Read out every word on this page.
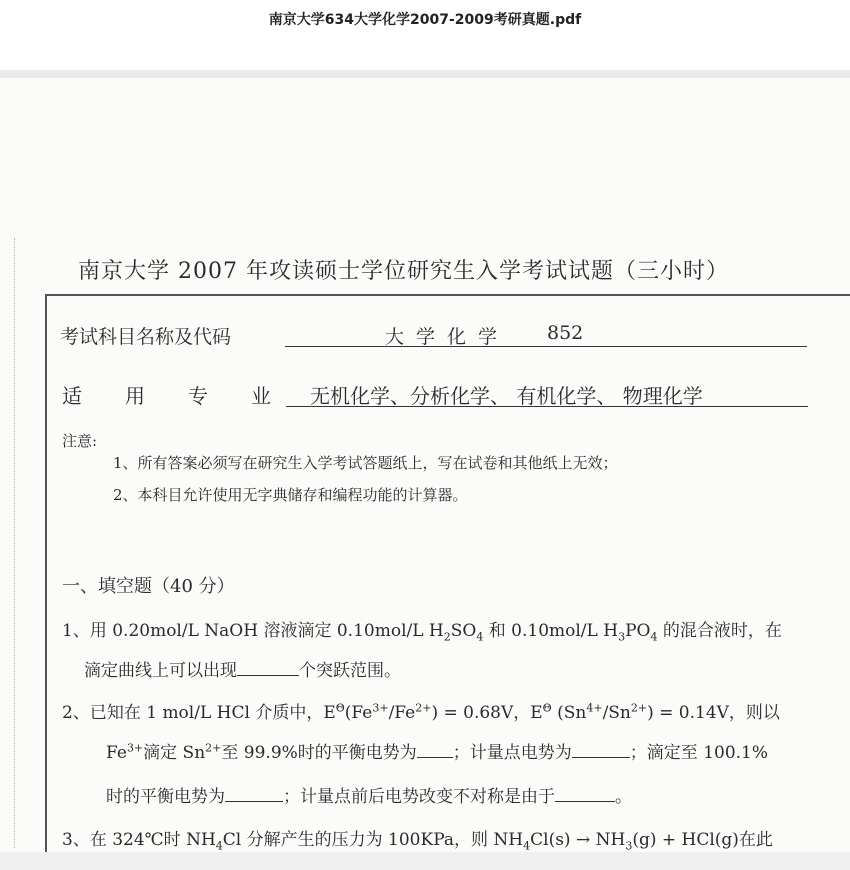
南京大学634大学化学2007-2009考研真题.pdf
南京大学 2007 年攻读硕士学位研究生入学考试试题（三小时）
考试科目名称及代码	大学化学 852
适 用 专 业	无机化学、分析化学、 有机化学、 物理化学
注意:
1、所有答案必须写在研究生入学考试答题纸上，写在试卷和其他纸上无效；
2、本科目允许使用无字典储存和编程功能的计算器。
一、填空题（40 分）
1、用 0.20mol/L NaOH 溶液滴定 0.10mol/L $H_2SO_4$ 和 0.10mol/L $H_3PO_4$ 的混合液时，在
滴定曲线上可以出现	个突跃范围。
2、已知在 1 mol/L HCl 介质中，$E^\Theta(Fe^{3+}/Fe^{2+}) = 0.68V$，$E^\Theta$ $(Sn^{4+}/Sn^{2+}) = 0.14V$，则以
$Fe^{3+}$滴定 $Sn^{2+}$至 99.9%时的平衡电势为 ；计量点电势为	；滴定至 100.1%
时的平衡电势为	；计量点前后电势改变不对称是由于	。
3、在 324℃时 $NH_4Cl$ 分解产生的压力为 100KPa，则 $NH_4Cl(s) \to NH_3(g) + HCl(g)$在此
